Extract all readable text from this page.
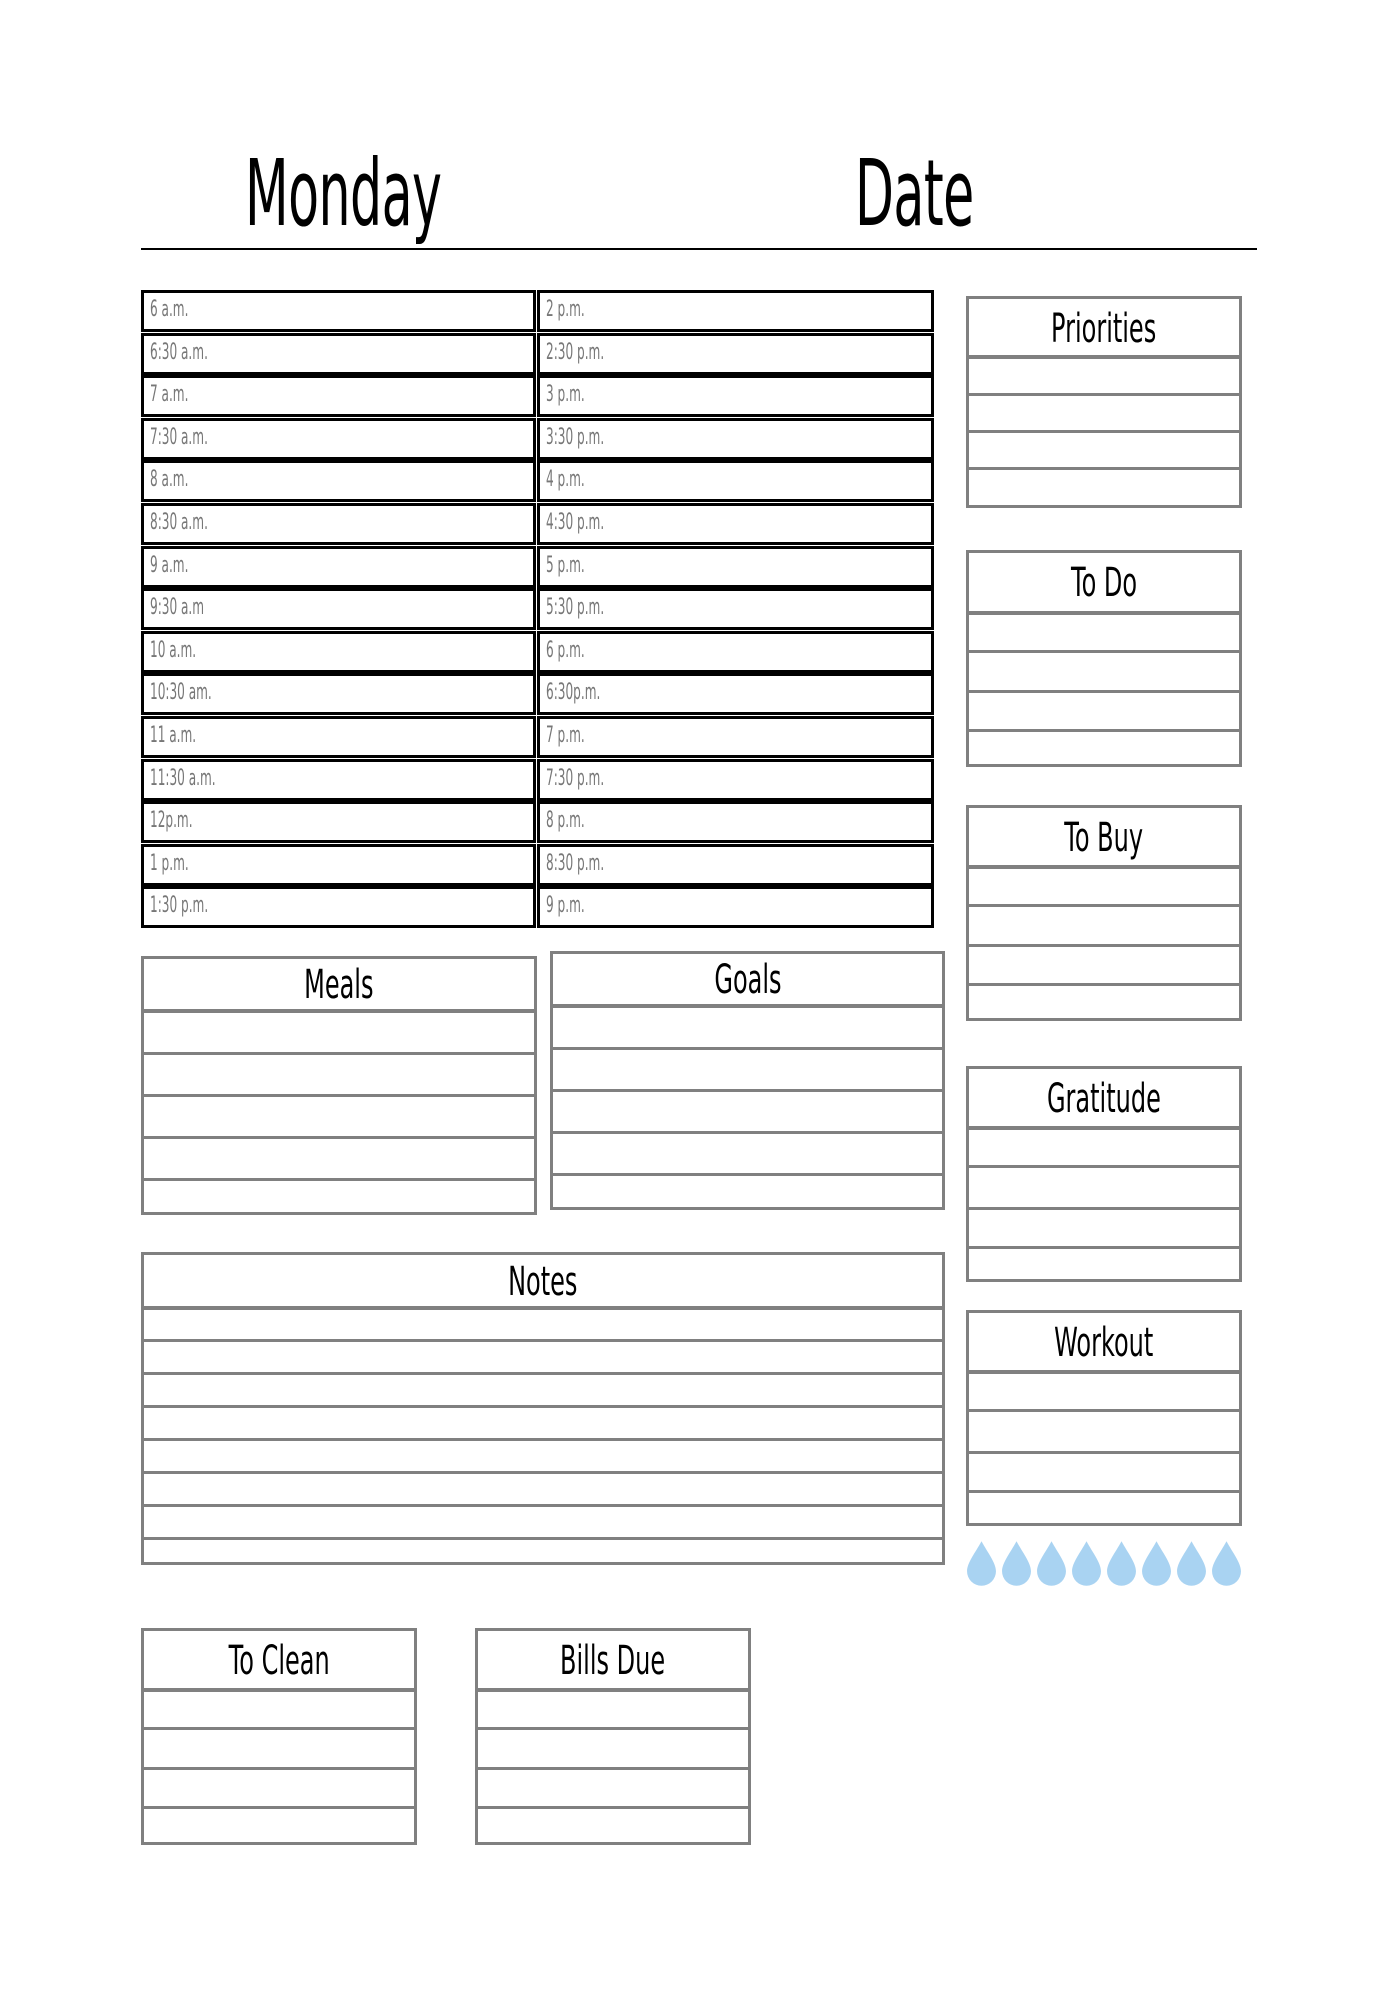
Monday	Date
6 a.m.	2 p.m.
6:30 a.m.	2:30 p.m.
7 a.m.	3 p.m.
7:30 a.m.	3:30 p.m.
8 a.m.	4 p.m.
8:30 a.m.	4:30 p.m.
9 a.m.	5 p.m.
9:30 a.m	5:30 p.m.
10 a.m.	6 p.m.
10:30 am.	6:30p.m.
11 a.m.	7 p.m.
11:30 a.m.	7:30 p.m.
12p.m.	8 p.m.
1 p.m.	8:30 p.m.
1:30 p.m.	9 p.m.
Priorities
To Do
To Buy
Gratitude
Workout
Meals	Goals
Notes
To Clean	Bills Due
